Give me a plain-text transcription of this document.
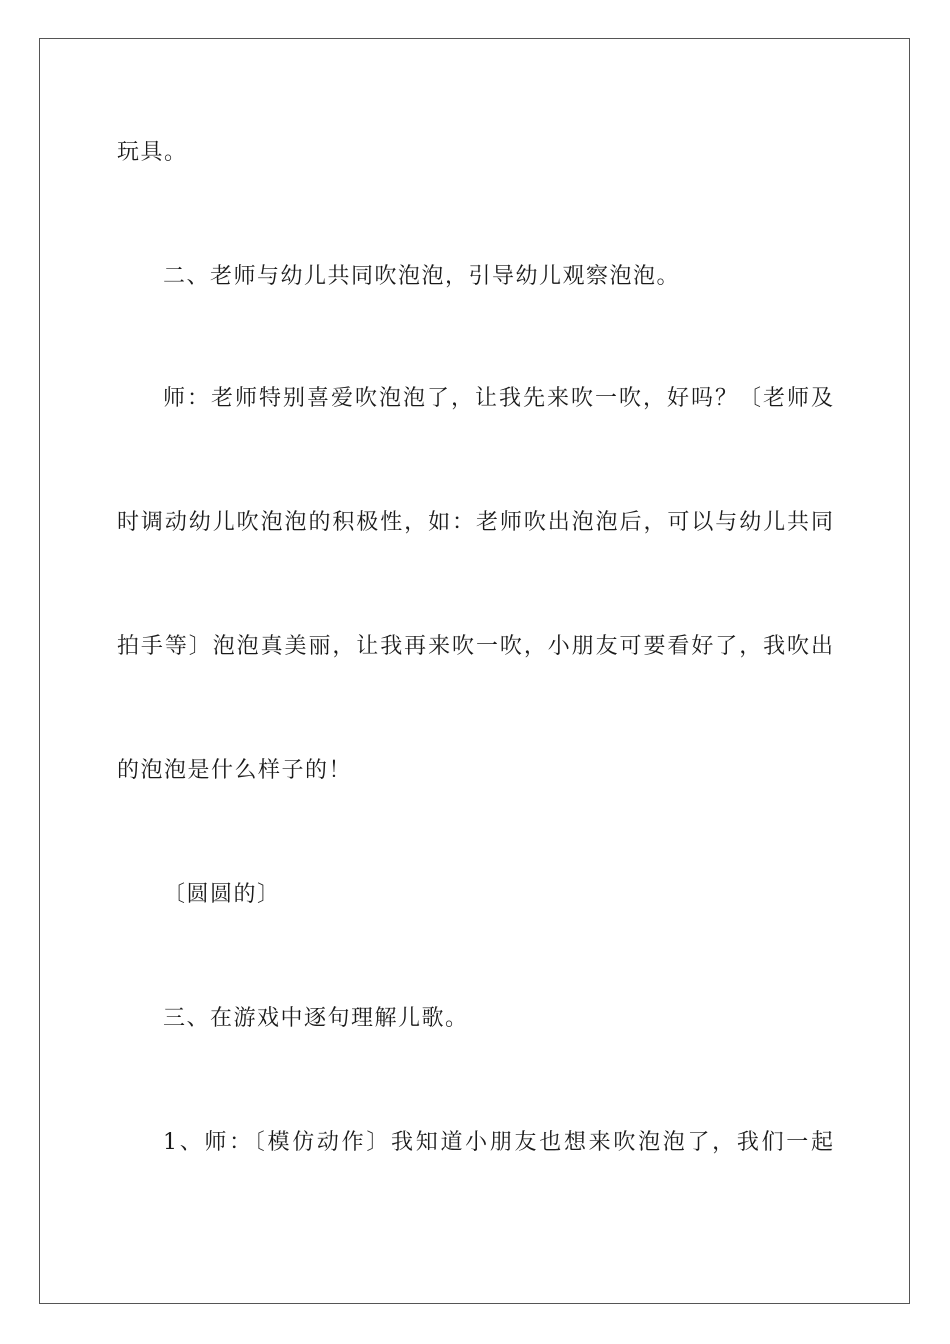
玩具。
二、老师与幼儿共同吹泡泡，引导幼儿观察泡泡。
师：老师特别喜爱吹泡泡了，让我先来吹一吹，好吗？〔老师及
时调动幼儿吹泡泡的积极性，如：老师吹出泡泡后，可以与幼儿共同
拍手等〕泡泡真美丽，让我再来吹一吹，小朋友可要看好了，我吹出
的泡泡是什么样子的！
〔圆圆的〕
三、在游戏中逐句理解儿歌。
1、师：〔模仿动作〕我知道小朋友也想来吹泡泡了，我们一起
